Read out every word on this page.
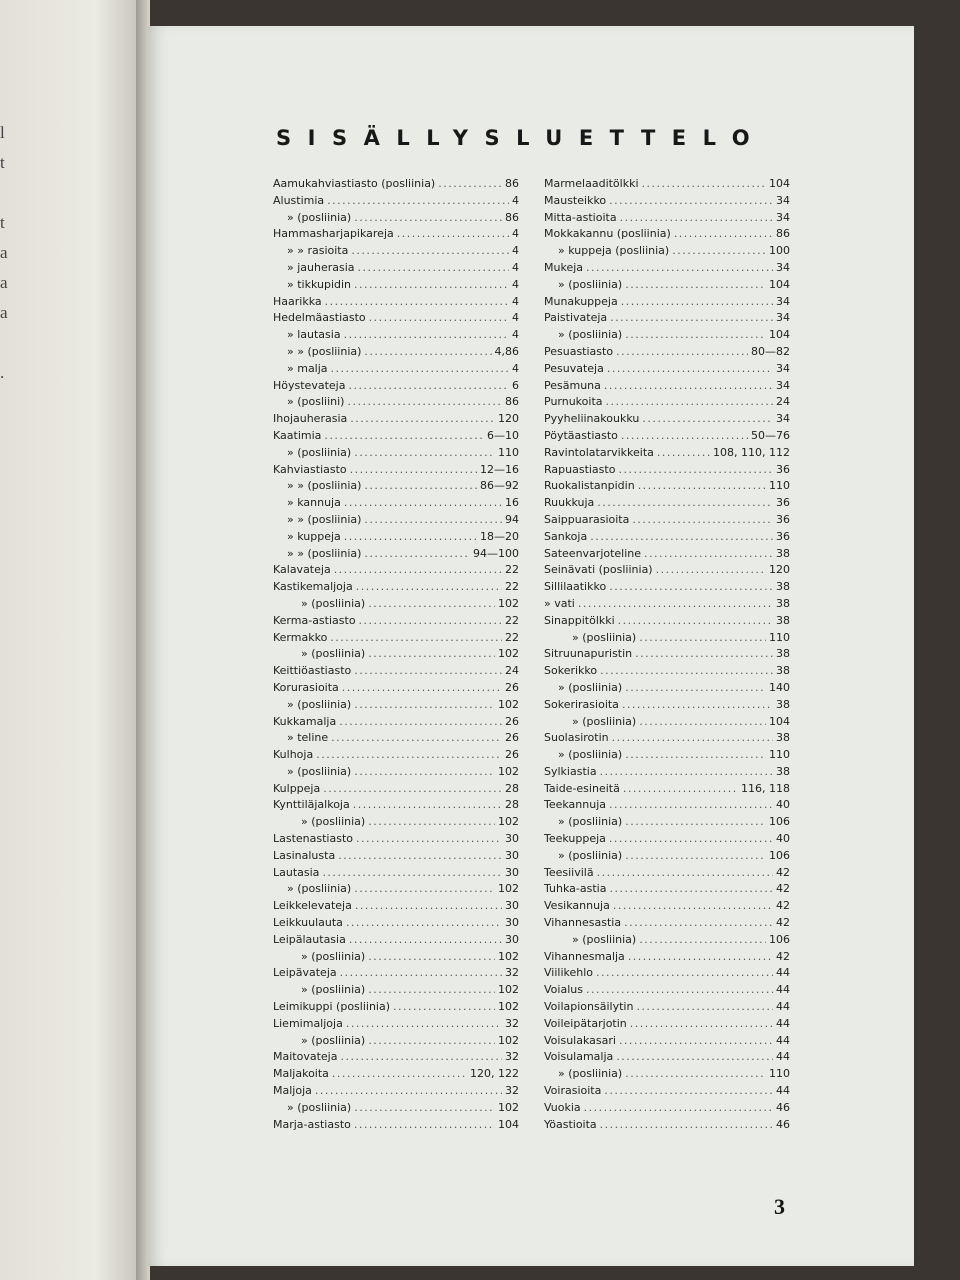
l
t

t
a
a
a

.
SISÄLLYSLUETTELO
Aamukahviastiasto (posliinia) .....	86
Alustimia .....	4
» (posliinia) .....	86
Hammasharjapikareja .....	4
» » rasioita .....	4
» jauherasia .....	4
» tikkupidin .....	4
Haarikka .....	4
Hedelmäastiasto .....	4
» lautasia .....	4
» » (posliinia) .....	4,86
» malja .....	4
Höystevateja .....	6
» (posliini) .....	86
Ihojauherasia .....	120
Kaatimia .....	6—10
» (posliinia) .....	110
Kahviastiasto .....	12—16
» » (posliinia) .....	86—92
» kannuja .....	16
» » (posliinia) .....	94
» kuppeja .....	18—20
» » (posliinia) .....	94—100
Kalavateja .....	22
Kastikemaljoja .....	22
» (posliinia) .....	102
Kerma-astiasto .....	22
Kermakko .....	22
» (posliinia) .....	102
Keittiöastiasto .....	24
Korurasioita .....	26
» (posliinia) .....	102
Kukkamalja .....	26
» teline .....	26
Kulhoja .....	26
» (posliinia) .....	102
Kulppeja .....	28
Kynttiläjalkoja .....	28
» (posliinia) .....	102
Lastenastiasto .....	30
Lasinalusta .....	30
Lautasia .....	30
» (posliinia) .....	102
Leikkelevateja .....	30
Leikkuulauta .....	30
Leipälautasia .....	30
» (posliinia) .....	102
Leipävateja .....	32
» (posliinia) .....	102
Leimikuppi (posliinia) .....	102
Liemimaljoja .....	32
» (posliinia) .....	102
Maitovateja .....	32
Maljakoita .....	120, 122
Maljoja .....	32
» (posliinia) .....	102
Marja-astiasto .....	104
Marmelaaditölkki .....	104
Mausteikko .....	34
Mitta-astioita .....	34
Mokkakannu (posliinia) .....	86
» kuppeja (posliinia) .....	100
Mukeja .....	34
» (posliinia) .....	104
Munakuppeja .....	34
Paistivateja .....	34
» (posliinia) .....	104
Pesuastiasto .....	80—82
Pesuvateja .....	34
Pesämuna .....	34
Purnukoita .....	24
Pyyheliinakoukku .....	34
Pöytäastiasto .....	50—76
Ravintolatarvikkeita .....	108, 110, 112
Rapuastiasto .....	36
Ruokalistanpidin .....	110
Ruukkuja .....	36
Saippuarasioita .....	36
Sankoja .....	36
Sateenvarjoteline .....	38
Seinävati (posliinia) .....	120
Sillilaatikko .....	38
» vati .....	38
Sinappitölkki .....	38
» (posliinia) .....	110
Sitruunapuristin .....	38
Sokerikko .....	38
» (posliinia) .....	140
Sokerirasioita .....	38
» (posliinia) .....	104
Suolasirotin .....	38
» (posliinia) .....	110
Sylkiastia .....	38
Taide-esineitä .....	116, 118
Teekannuja .....	40
» (posliinia) .....	106
Teekuppeja .....	40
» (posliinia) .....	106
Teesiivilä .....	42
Tuhka-astia .....	42
Vesikannuja .....	42
Vihannesastia .....	42
» (posliinia) .....	106
Vihannesmalja .....	42
Viilikehlo .....	44
Voialus .....	44
Voilapionsäilytin .....	44
Voileipätarjotin .....	44
Voisulakasari .....	44
Voisulamalja .....	44
» (posliinia) .....	110
Voirasioita .....	44
Vuokia .....	46
Yöastioita .....	46
3
